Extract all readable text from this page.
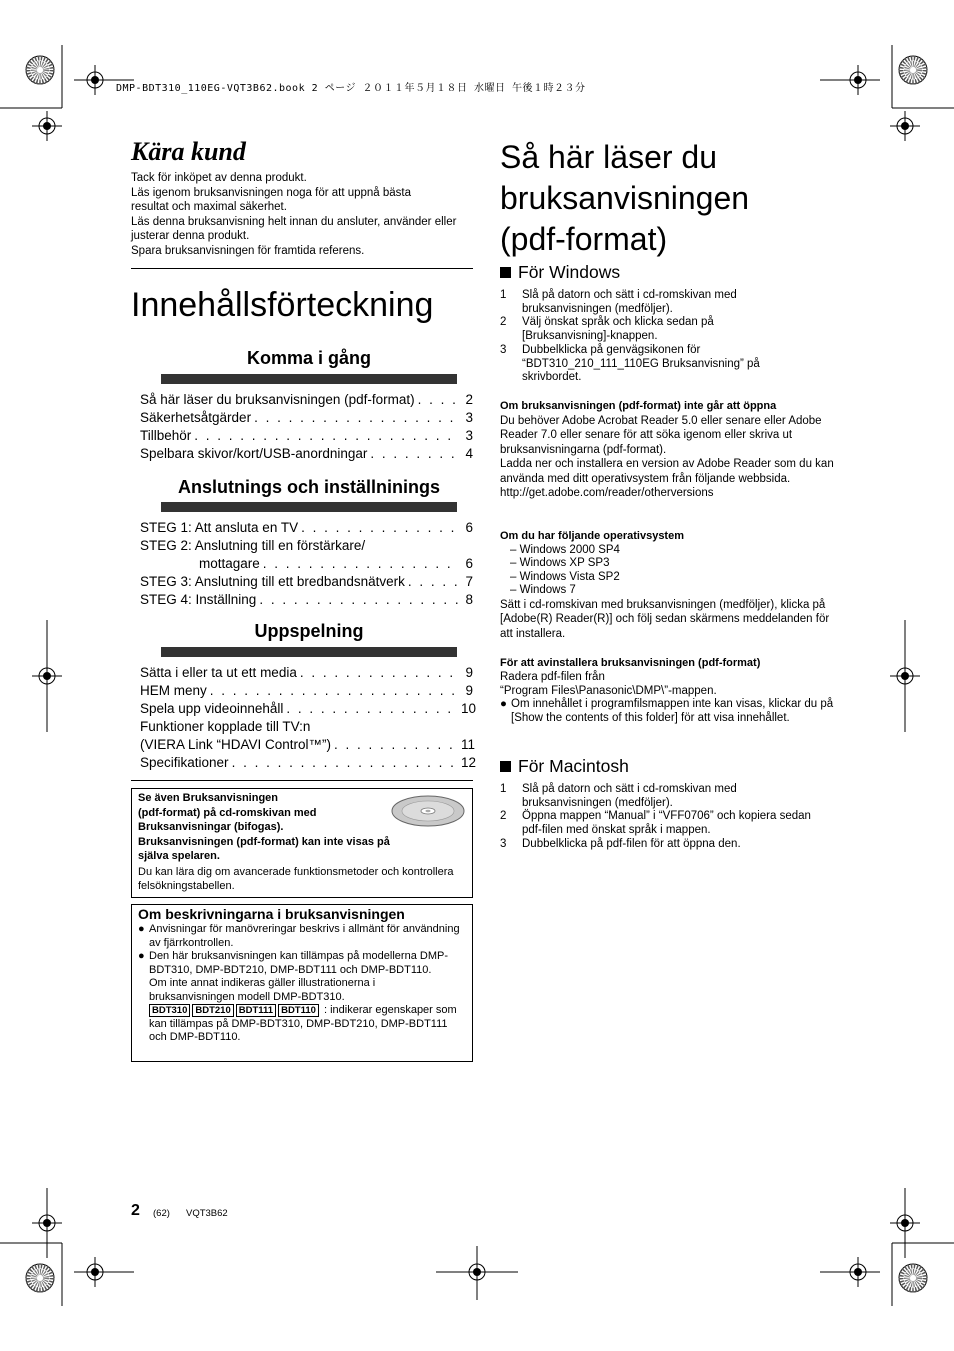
DMP-BDT310_110EG-VQT3B62.book 2 ページ ２０１１年５月１８日 水曜日 午後１時２３分
Kära kund
Tack för inköpet av denna produkt.
Läs igenom bruksanvisningen noga för att uppnå bästa resultat och maximal säkerhet.
Läs denna bruksanvisning helt innan du ansluter, använder eller justerar denna produkt.
Spara bruksanvisningen för framtida referens.
Innehållsförteckning
Komma i gång
Så här läser du bruksanvisningen (pdf-format) . . .	2
Säkerhetsåtgärder . . .	3
Tillbehör . . .	3
Spelbara skivor/kort/USB-anordningar . . .	4
Anslutnings och inställninings
STEG 1: Att ansluta en TV . . .	6
STEG 2: Anslutning till en förstärkare/
mottagare . . .	6
STEG 3: Anslutning till ett bredbandsnätverk . . .	7
STEG 4: Inställning . . .	8
Uppspelning
Sätta i eller ta ut ett media . . .	9
HEM meny . . .	9
Spela upp videoinnehåll . . .	10
Funktioner kopplade till TV:n
(VIERA Link “HDAVI Control™”) . . .	11
Specifikationer . . .	12
Se även Bruksanvisningen
(pdf-format) på cd-romskivan med
Bruksanvisningar (bifogas).
Bruksanvisningen (pdf-format) kan inte visas på
själva spelaren.
Du kan lära dig om avancerade funktionsmetoder och kontrollera felsökningstabellen.
Om beskrivningarna i bruksanvisningen
● Anvisningar för manövreringar beskrivs i allmänt för användning av fjärrkontrollen.
● Den här bruksanvisningen kan tillämpas på modellerna DMP-BDT310, DMP-BDT210, DMP-BDT111 och DMP-BDT110. Om inte annat indikeras gäller illustrationerna i bruksanvisningen modell DMP-BDT310.
BDT310 BDT210 BDT111 BDT110 : indikerar egenskaper som kan tillämpas på DMP-BDT310, DMP-BDT210, DMP-BDT111 och DMP-BDT110.
2 (62) VQT3B62
Så här läser du
bruksanvisningen
(pdf-format)
För Windows
1	Slå på datorn och sätt i cd-romskivan med bruksanvisningen (medföljer).
2	Välj önskat språk och klicka sedan på [Bruksanvisning]-knappen.
3	Dubbelklicka på genvägsikonen för “BDT310_210_111_110EG Bruksanvisning” på skrivbordet.
Om bruksanvisningen (pdf-format) inte går att öppna
Du behöver Adobe Acrobat Reader 5.0 eller senare eller Adobe Reader 7.0 eller senare för att söka igenom eller skriva ut bruksanvisningarna (pdf-format).
Ladda ner och installera en version av Adobe Reader som du kan använda med ditt operativsystem från följande webbsida.
http://get.adobe.com/reader/otherversions
Om du har följande operativsystem
– Windows 2000 SP4
– Windows XP SP3
– Windows Vista SP2
– Windows 7
Sätt i cd-romskivan med bruksanvisningen (medföljer), klicka på [Adobe(R) Reader(R)] och följ sedan skärmens meddelanden för att installera.
För att avinstallera bruksanvisningen (pdf-format)
Radera pdf-filen från
“Program Files\Panasonic\DMP\”-mappen.
● Om innehållet i programfilsmappen inte kan visas, klickar du på [Show the contents of this folder] för att visa innehållet.
För Macintosh
1	Slå på datorn och sätt i cd-romskivan med bruksanvisningen (medföljer).
2	Öppna mappen “Manual” i “VFF0706” och kopiera sedan pdf-filen med önskat språk i mappen.
3	Dubbelklicka på pdf-filen för att öppna den.
